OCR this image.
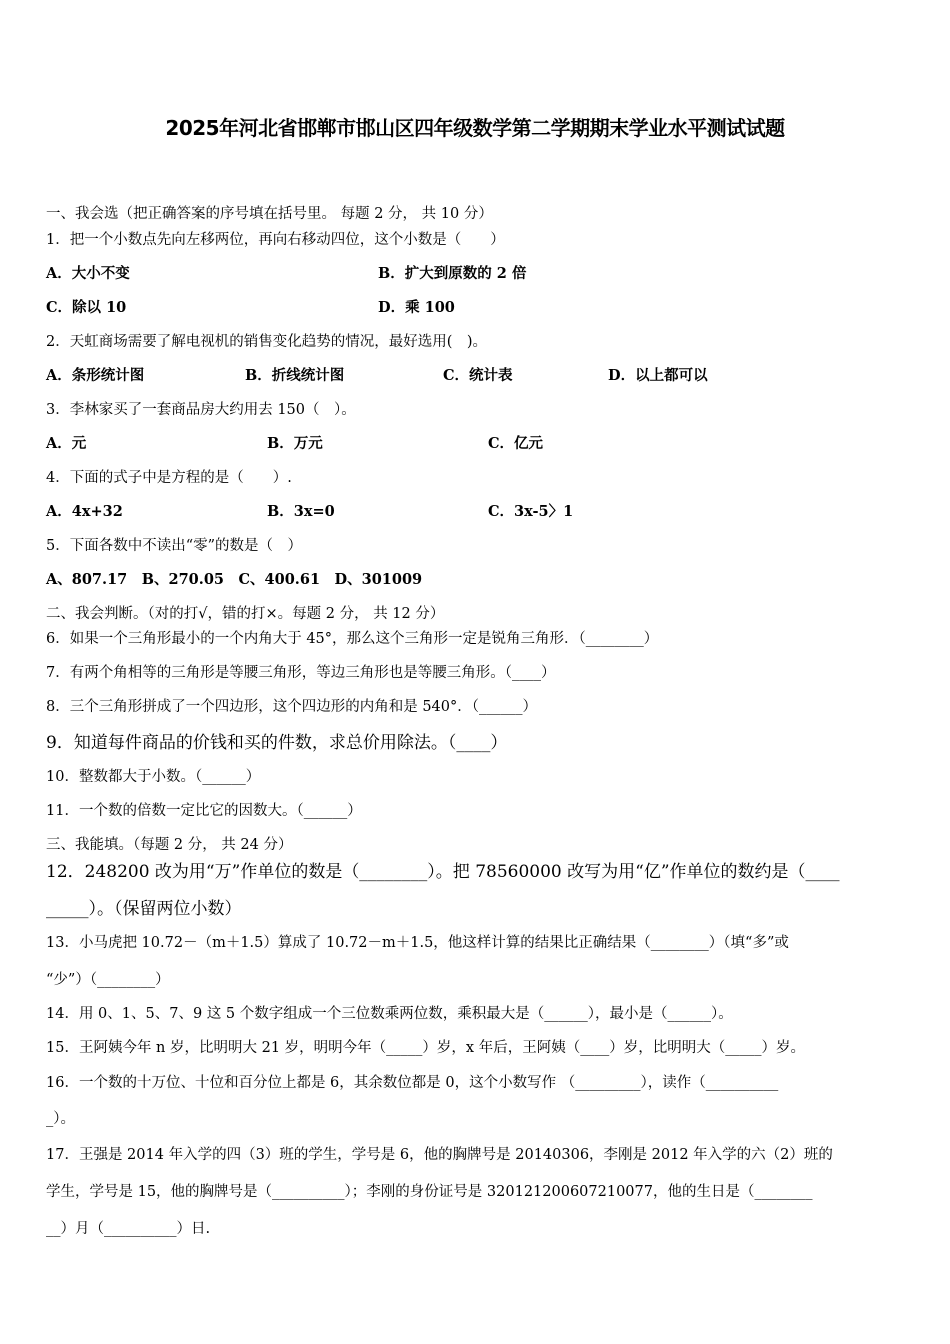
2025年河北省邯郸市邯山区四年级数学第二学期期末学业水平测试试题
一、我会选（把正确答案的序号填在括号里。 每题 2 分， 共 10 分）
1．把一个小数点先向左移两位，再向右移动四位，这个小数是（　　）
A．大小不变	B．扩大到原数的 2 倍
C．除以 10	D．乘 100
2．天虹商场需要了解电视机的销售变化趋势的情况，最好选用(　)。
A．条形统计图	B．折线统计图	C．统计表	D．以上都可以
3．李林家买了一套商品房大约用去 150（　）。
A．元	B．万元	C．亿元
4．下面的式子中是方程的是（　　）.
A．4x+32	B．3x=0	C．3x-5〉1
5．下面各数中不读出“零”的数是（　）
A、807.17　B、270.05　C、400.61　D、301009
二、我会判断。（对的打√，错的打×。每题 2 分， 共 12 分）
6．如果一个三角形最小的一个内角大于 45°，那么这个三角形一定是锐角三角形．（________）
7．有两个角相等的三角形是等腰三角形，等边三角形也是等腰三角形。（____）
8．三个三角形拼成了一个四边形，这个四边形的内角和是 540°．（______）
9．知道每件商品的价钱和买的件数，求总价用除法。（____）
10．整数都大于小数。（______）
11．一个数的倍数一定比它的因数大。（______）
三、我能填。（每题 2 分， 共 24 分）
12．248200 改为用“万”作单位的数是（________）。把 78560000 改写为用“亿”作单位的数约是（____
_____）。（保留两位小数）
13．小马虎把 10.72－（m＋1.5）算成了 10.72－m＋1.5，他这样计算的结果比正确结果（________）（填“多”或
“少”）（________）
14．用 0、1、5、7、9 这 5 个数字组成一个三位数乘两位数，乘积最大是（______），最小是（______）。
15．王阿姨今年 n 岁，比明明大 21 岁，明明今年（_____）岁，x 年后，王阿姨（____）岁，比明明大（_____）岁。
16．一个数的十万位、十位和百分位上都是 6，其余数位都是 0，这个小数写作 （_________），读作（__________
_）。
17．王强是 2014 年入学的四（3）班的学生，学号是 6，他的胸牌号是 20140306，李刚是 2012 年入学的六（2）班的
学生，学号是 15，他的胸牌号是（__________）；李刚的身份证号是 320121200607210077，他的生日是（________
__）月（__________）日.
